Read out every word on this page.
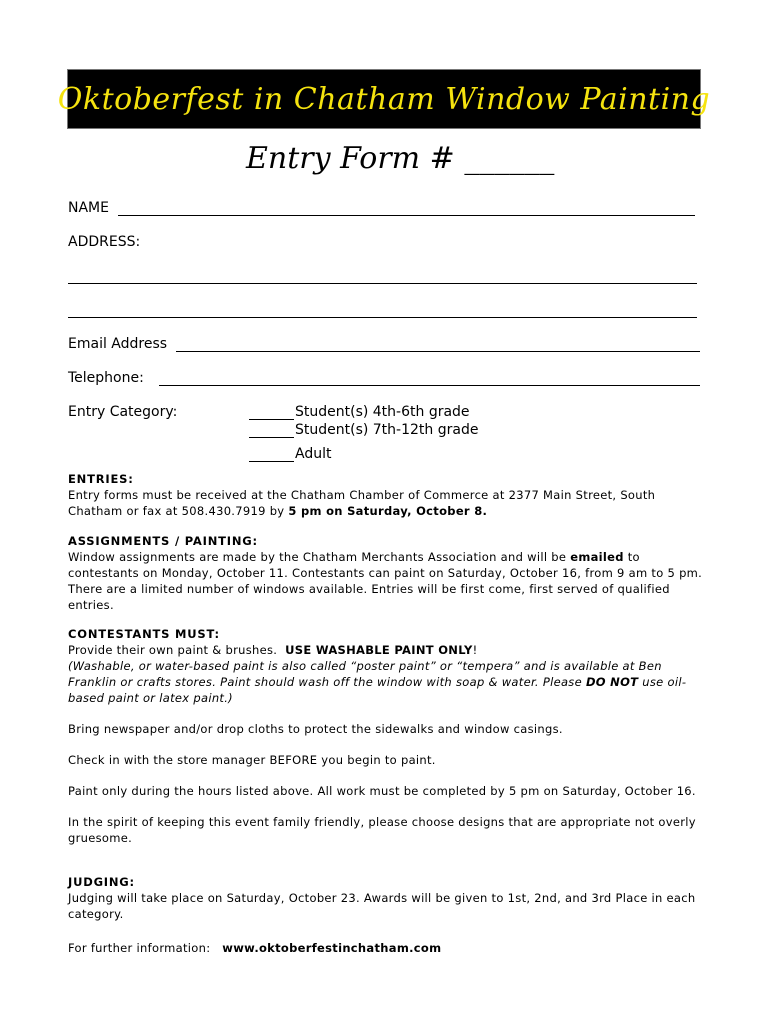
Oktoberfest in Chatham Window Painting
Entry Form # ______
NAME
ADDRESS:
Email Address
Telephone:
Entry Category:	Student(s) 4th-6th grade
Student(s) 7th-12th grade
Adult

ENTRIES:

Entry forms must be received at the Chatham Chamber of Commerce at 2377 Main Street, South Chatham or fax at 508.430.7919 by 5 pm on Saturday, October 8.

ASSIGNMENTS / PAINTING:

Window assignments are made by the Chatham Merchants Association and will be emailed to contestants on Monday, October 11. Contestants can paint on Saturday, October 16, from 9 am to 5 pm. There are a limited number of windows available. Entries will be first come, first served of qualified entries.

CONTESTANTS MUST:

Provide their own paint & brushes. USE WASHABLE PAINT ONLY!

(Washable, or water-based paint is also called “poster paint” or “tempera” and is available at Ben Franklin or crafts stores. Paint should wash off the window with soap & water. Please DO NOT use oil-based paint or latex paint.)

Bring newspaper and/or drop cloths to protect the sidewalks and window casings.

Check in with the store manager BEFORE you begin to paint.

Paint only during the hours listed above. All work must be completed by 5 pm on Saturday, October 16.

In the spirit of keeping this event family friendly, please choose designs that are appropriate not overly gruesome.

JUDGING:

Judging will take place on Saturday, October 23. Awards will be given to 1st, 2nd, and 3rd Place in each category.

For further information: www.oktoberfestinchatham.com
